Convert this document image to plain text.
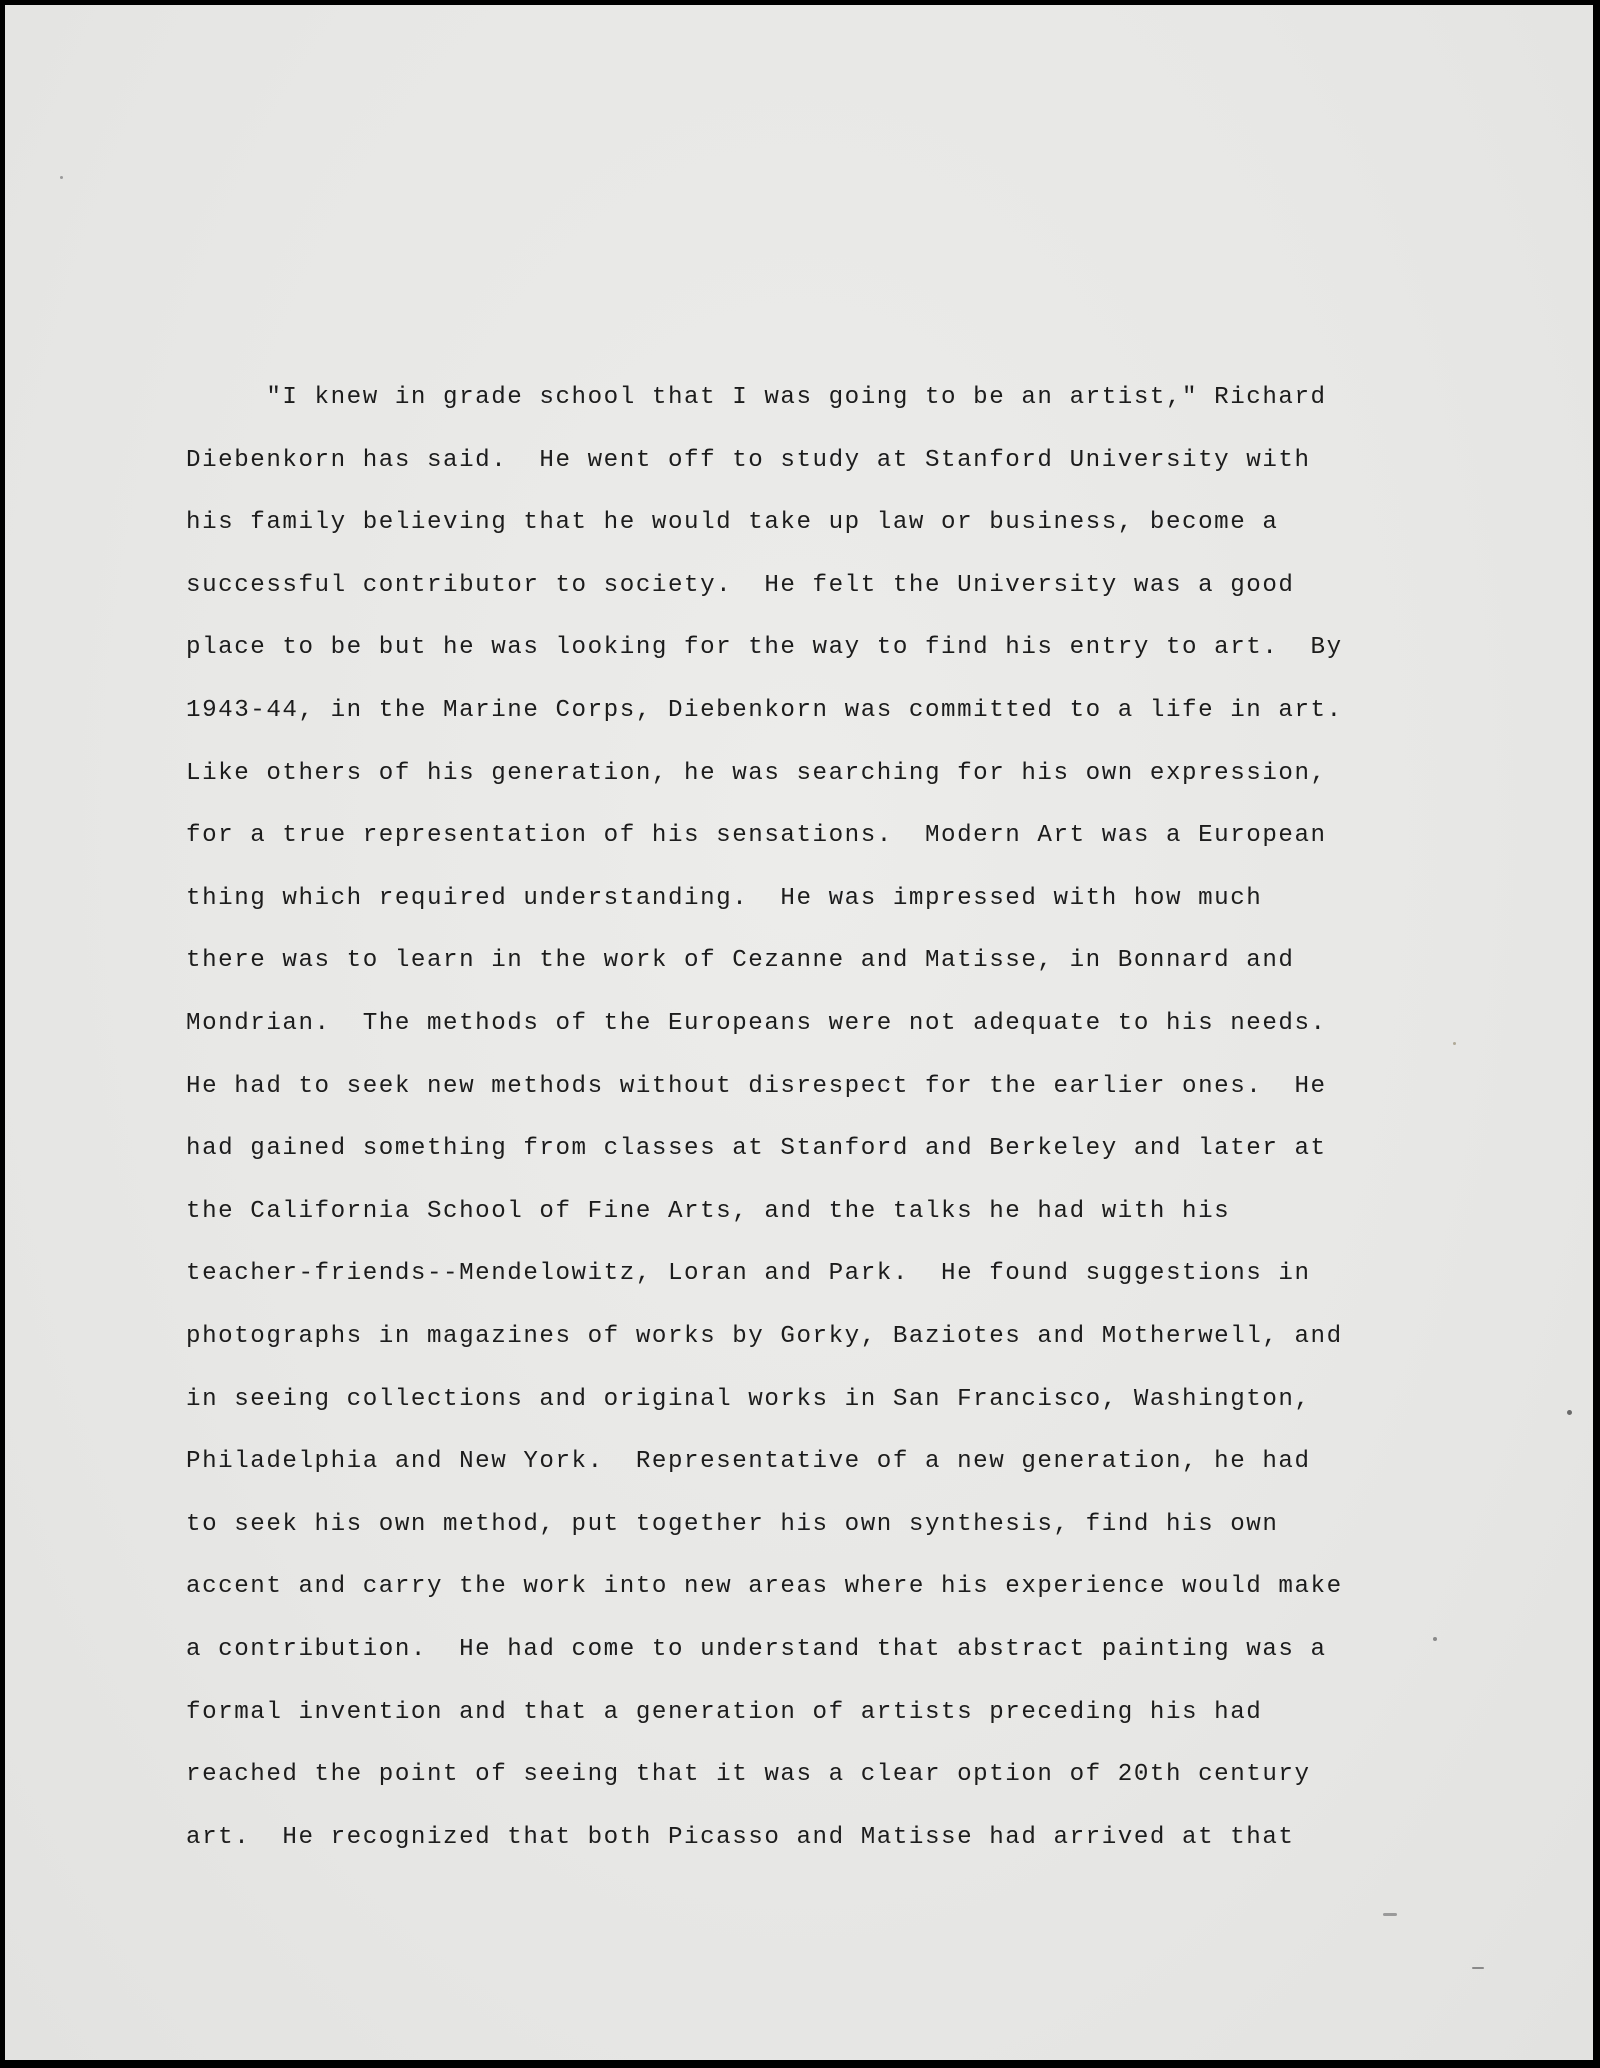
"I knew in grade school that I was going to be an artist," Richard

Diebenkorn has said.  He went off to study at Stanford University with

his family believing that he would take up law or business, become a

successful contributor to society.  He felt the University was a good

place to be but he was looking for the way to find his entry to art.  By

1943-44, in the Marine Corps, Diebenkorn was committed to a life in art.

Like others of his generation, he was searching for his own expression,

for a true representation of his sensations.  Modern Art was a European

thing which required understanding.  He was impressed with how much

there was to learn in the work of Cezanne and Matisse, in Bonnard and

Mondrian.  The methods of the Europeans were not adequate to his needs.

He had to seek new methods without disrespect for the earlier ones.  He

had gained something from classes at Stanford and Berkeley and later at

the California School of Fine Arts, and the talks he had with his

teacher-friends--Mendelowitz, Loran and Park.  He found suggestions in

photographs in magazines of works by Gorky, Baziotes and Motherwell, and

in seeing collections and original works in San Francisco, Washington,

Philadelphia and New York.  Representative of a new generation, he had

to seek his own method, put together his own synthesis, find his own

accent and carry the work into new areas where his experience would make

a contribution.  He had come to understand that abstract painting was a

formal invention and that a generation of artists preceding his had

reached the point of seeing that it was a clear option of 20th century

art.  He recognized that both Picasso and Matisse had arrived at that
